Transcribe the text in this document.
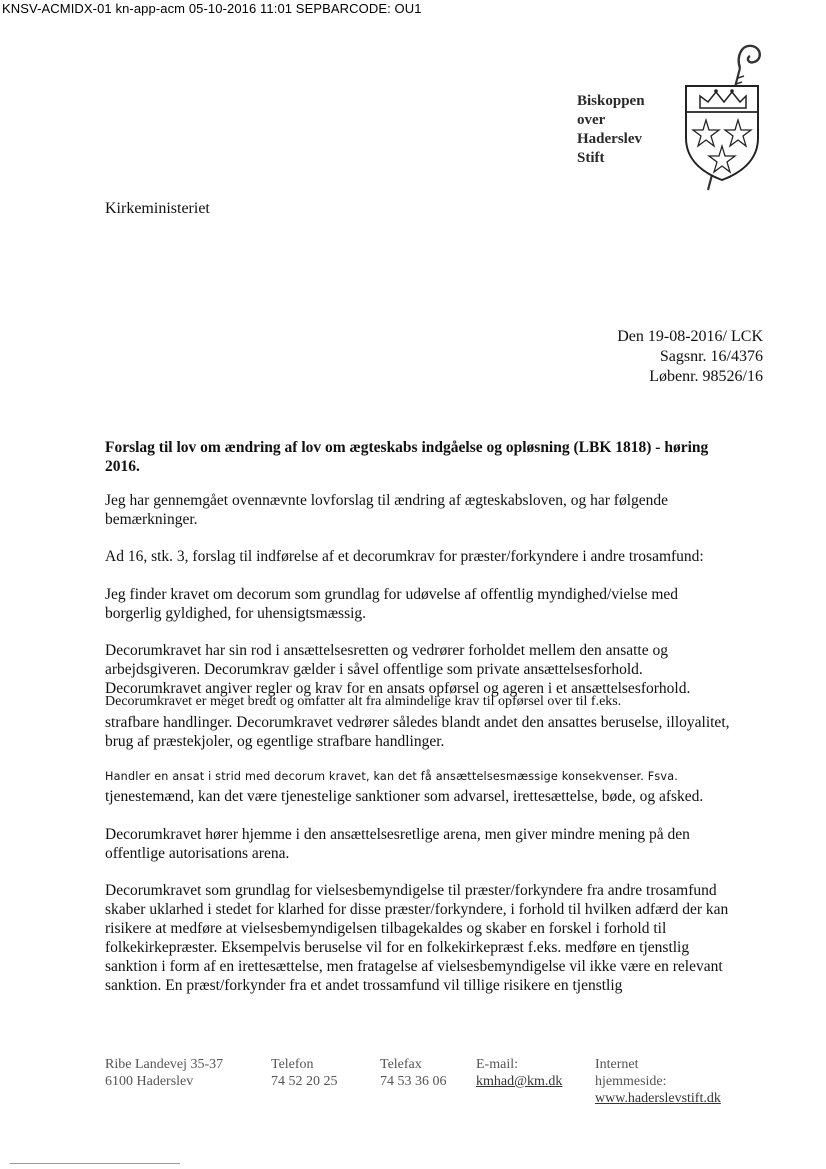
KNSV-ACMIDX-01 kn-app-acm 05-10-2016 11:01 SEPBARCODE: OU1
Biskoppen
over
Haderslev
Stift
Kirkeministeriet
Den 19-08-2016/ LCK
Sagsnr. 16/4376
Løbenr. 98526/16
Forslag til lov om ændring af lov om ægteskabs indgåelse og opløsning (LBK 1818) - høring 2016.

Jeg har gennemgået ovennævnte lovforslag til ændring af ægteskabsloven, og har følgende bemærkninger.

Ad 16, stk. 3, forslag til indførelse af et decorumkrav for præster/forkyndere i andre trosamfund:

Jeg finder kravet om decorum som grundlag for udøvelse af offentlig myndighed/vielse med borgerlig gyldighed, for uhensigtsmæssig.

Decorumkravet har sin rod i ansættelsesretten og vedrører forholdet mellem den ansatte og arbejdsgiveren. Decorumkrav gælder i såvel offentlige som private ansættelsesforhold. Decorumkravet angiver regler og krav for en ansats opførsel og ageren i et ansættelsesforhold.

Decorumkravet er meget bredt og omfatter alt fra almindelige krav til opførsel over til f.eks.

strafbare handlinger. Decorumkravet vedrører således blandt andet den ansattes beruselse, illoyalitet, brug af præstekjoler, og egentlige strafbare handlinger.

Handler en ansat i strid med decorum kravet, kan det få ansættelsesmæssige konsekvenser. Fsva.

tjenestemænd, kan det være tjenestelige sanktioner som advarsel, irettesættelse, bøde, og afsked.

Decorumkravet hører hjemme i den ansættelsesretlige arena, men giver mindre mening på den offentlige autorisations arena.

Decorumkravet som grundlag for vielsesbemyndigelse til præster/forkyndere fra andre trosamfund skaber uklarhed i stedet for klarhed for disse præster/forkyndere, i forhold til hvilken adfærd der kan risikere at medføre at vielsesbemyndigelsen tilbagekaldes og skaber en forskel i forhold til folkekirkepræster. Eksempelvis beruselse vil for en folkekirkepræst f.eks. medføre en tjenstlig sanktion i form af en irettesættelse, men fratagelse af vielsesbemyndigelse vil ikke være en relevant sanktion. En præst/forkynder fra et andet trossamfund vil tillige risikere en tjenstlig

Ribe Landevej 35-37
6100 Haderslev
Telefon
74 52 20 25
Telefax
74 53 36 06
E-mail:
kmhad@km.dk
Internet
hjemmeside:
www.haderslevstift.dk
